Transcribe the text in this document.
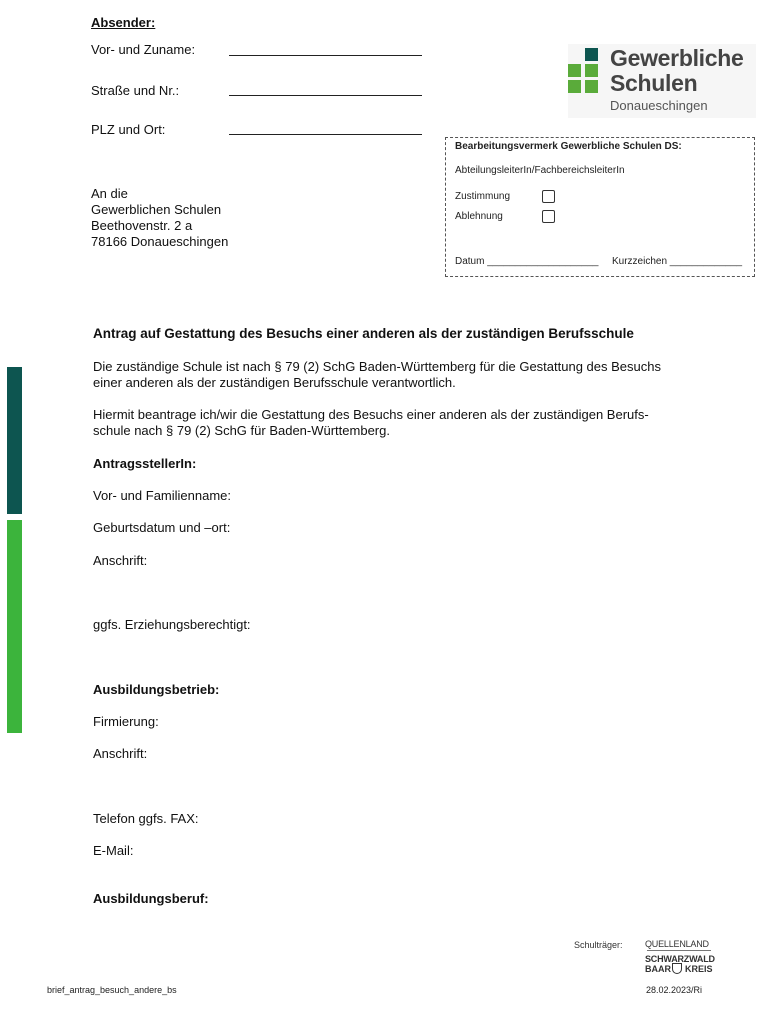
Absender:
Vor- und Zuname:
Straße und Nr.:
PLZ und Ort:
An die
Gewerblichen Schulen
Beethovenstr. 2 a
78166 Donaueschingen
Gewerbliche
Schulen
Donaueschingen
Bearbeitungsvermerk Gewerbliche Schulen DS:
AbteilungsleiterIn/FachbereichsleiterIn
Zustimmung
Ablehnung
Datum ____________________ Kurzzeichen _____________
Antrag auf Gestattung des Besuchs einer anderen als der zuständigen Berufsschule
Die zuständige Schule ist nach § 79 (2) SchG Baden-Württemberg für die Gestattung des Besuchs
einer anderen als der zuständigen Berufsschule verantwortlich.
Hiermit beantrage ich/wir die Gestattung des Besuchs einer anderen als der zuständigen Berufs-
schule nach § 79 (2) SchG für Baden-Württemberg.
AntragsstellerIn:
Vor- und Familienname:
Geburtsdatum und –ort:
Anschrift:
ggfs. Erziehungsberechtigt:
Ausbildungsbetrieb:
Firmierung:
Anschrift:
Telefon ggfs. FAX:
E-Mail:
Ausbildungsberuf:
Schulträger: QUELLENLAND
SCHWARZWALD
BAAR KREIS
brief_antrag_besuch_andere_bs	28.02.2023/Ri
